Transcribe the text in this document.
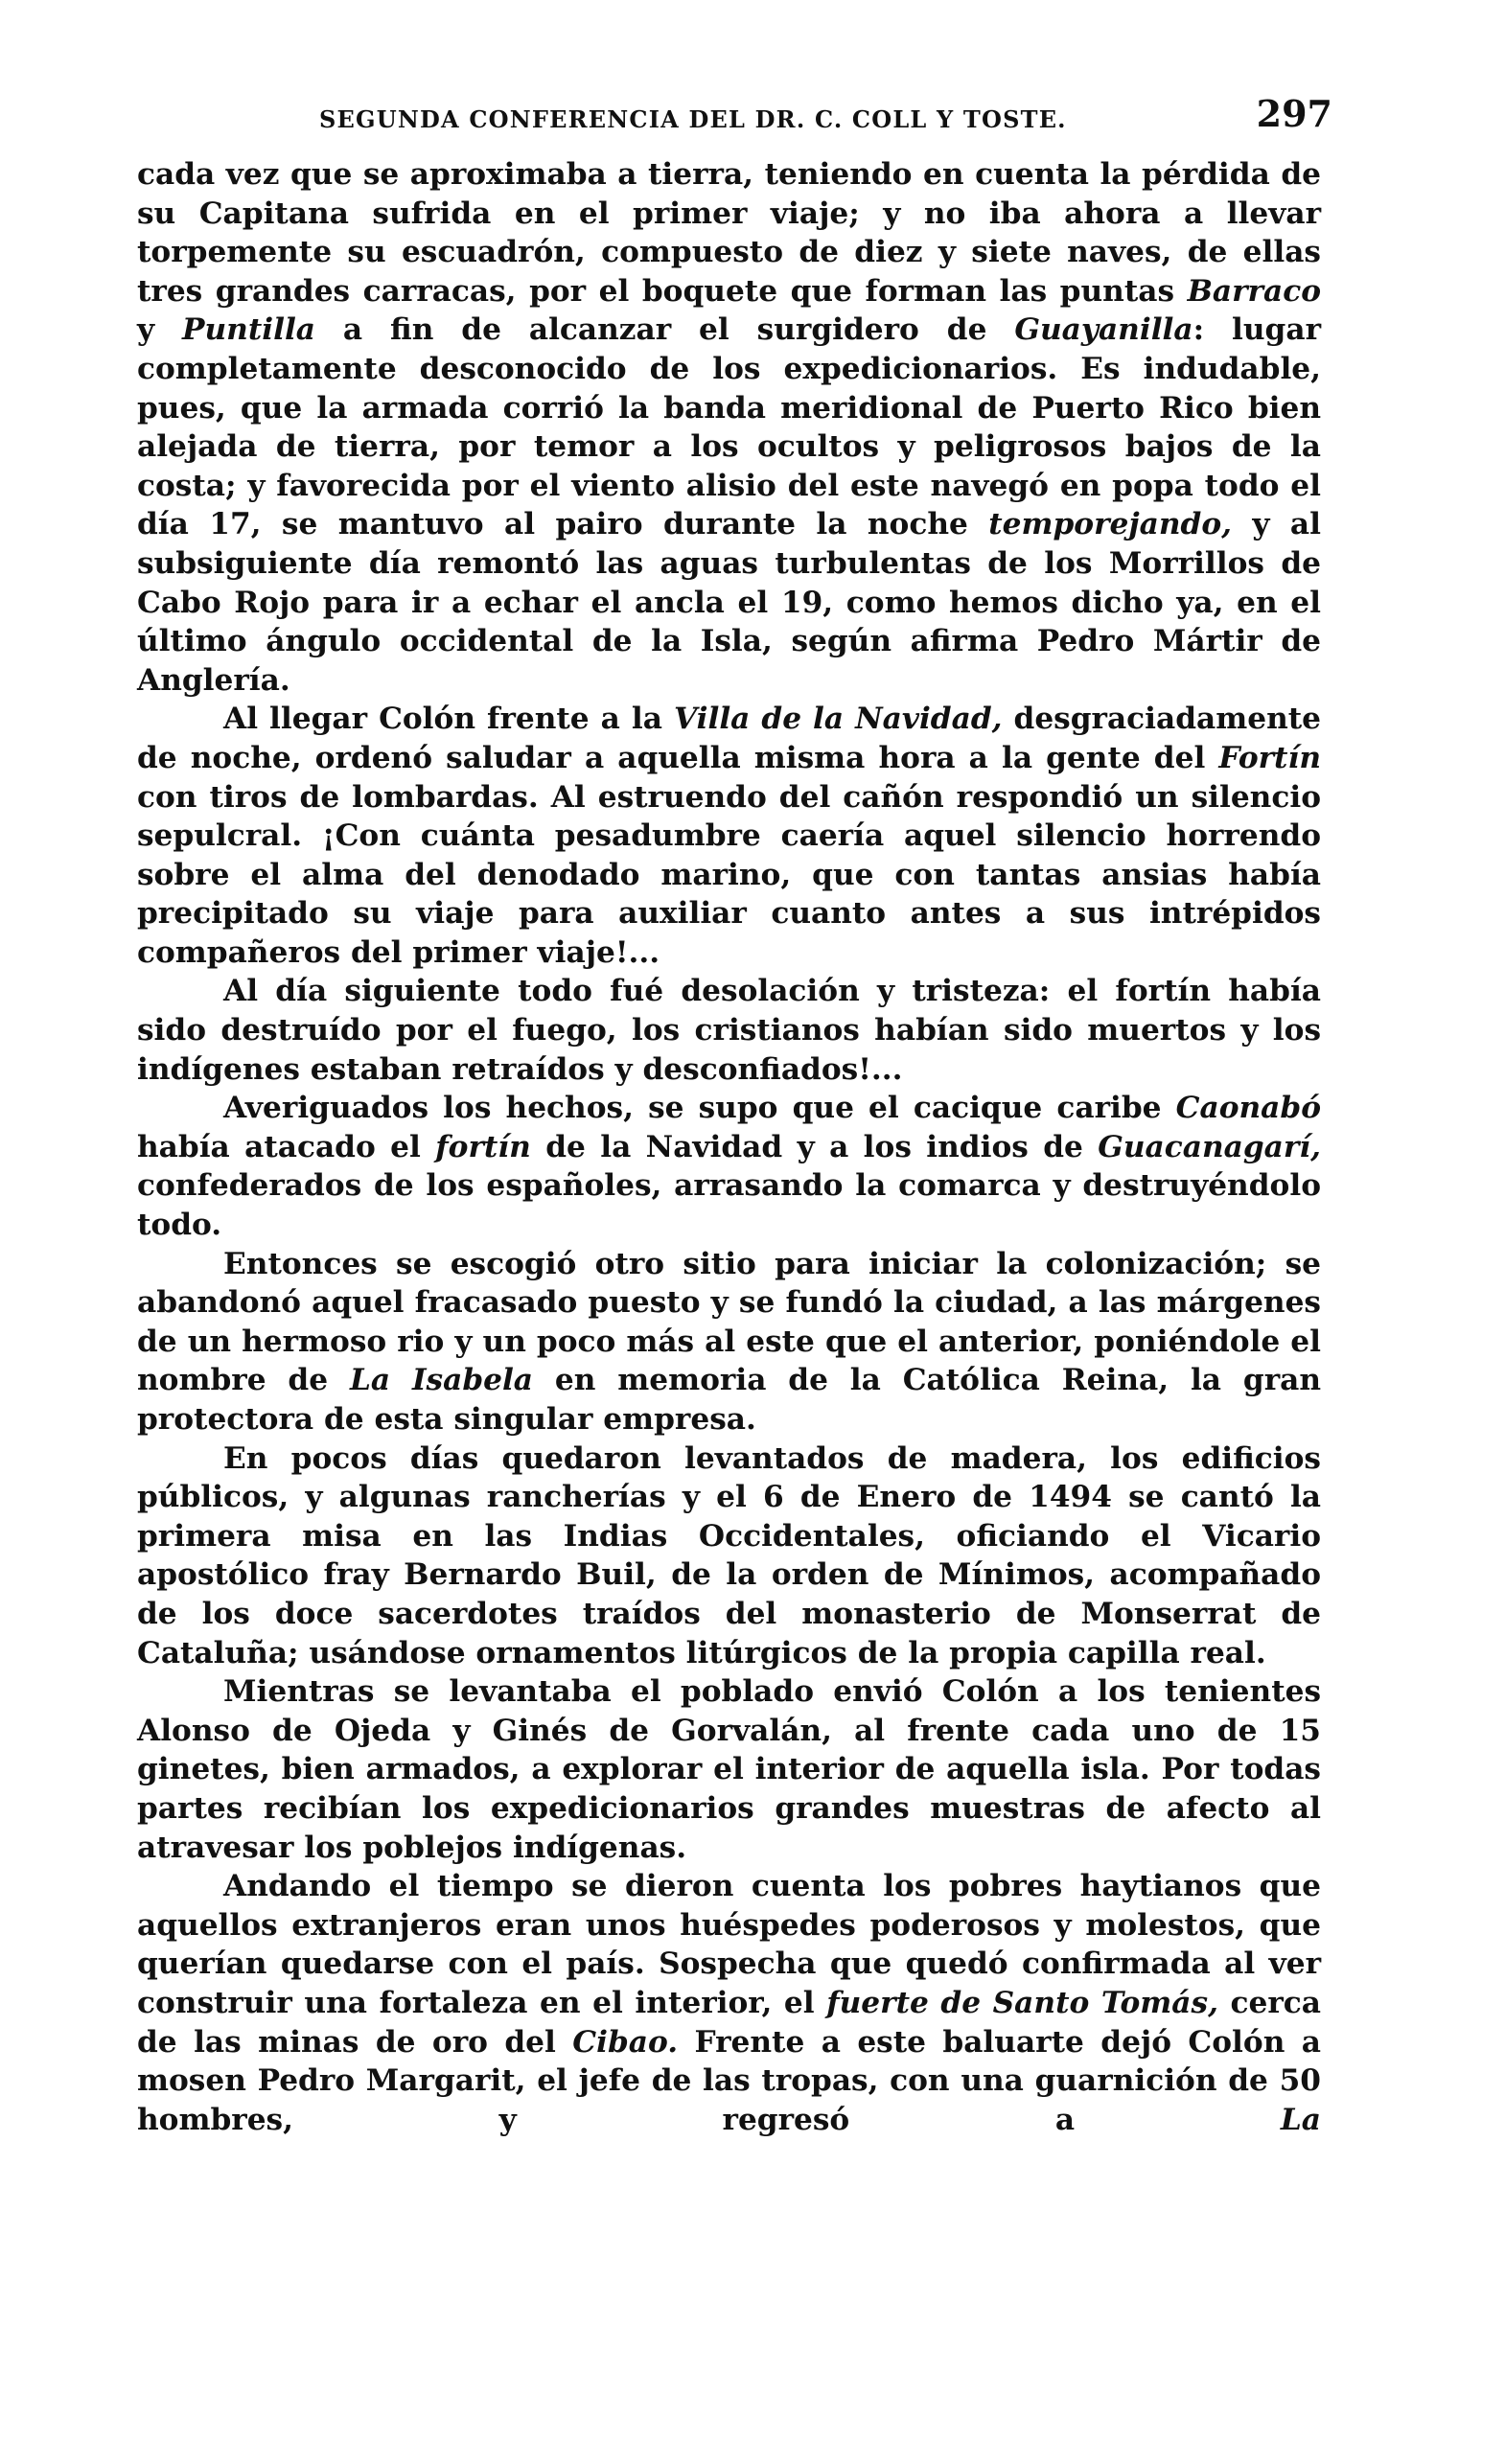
SEGUNDA CONFERENCIA DEL DR. C. COLL Y TOSTE.	297

cada vez que se aproximaba a tierra, teniendo en cuenta la pérdida de su Capitana sufrida en el primer viaje; y no iba ahora a llevar torpemente su escuadrón, compuesto de diez y siete naves, de ellas tres grandes carracas, por el boquete que forman las puntas Barraco y Puntilla a fin de alcanzar el surgidero de Guayanilla: lugar completamente desconocido de los expedicionarios. Es indudable, pues, que la armada corrió la banda meridional de Puerto Rico bien alejada de tierra, por temor a los ocultos y peligrosos bajos de la costa; y favorecida por el viento alisio del este navegó en popa todo el día 17, se mantuvo al pairo durante la noche temporejando, y al subsiguiente día remontó las aguas turbulentas de los Morrillos de Cabo Rojo para ir a echar el ancla el 19, como hemos dicho ya, en el último ángulo occidental de la Isla, según afirma Pedro Mártir de Anglería.

Al llegar Colón frente a la Villa de la Navidad, desgraciadamente de noche, ordenó saludar a aquella misma hora a la gente del Fortín con tiros de lombardas. Al estruendo del cañón respondió un silencio sepulcral. ¡Con cuánta pesadumbre caería aquel silencio horrendo sobre el alma del denodado marino, que con tantas ansias había precipitado su viaje para auxiliar cuanto antes a sus intrépidos compañeros del primer viaje!...

Al día siguiente todo fué desolación y tristeza: el fortín había sido destruído por el fuego, los cristianos habían sido muertos y los indígenes estaban retraídos y desconfiados!...

Averiguados los hechos, se supo que el cacique caribe Caonabó había atacado el fortín de la Navidad y a los indios de Guacanagarí, confederados de los españoles, arrasando la comarca y destruyéndolo todo.

Entonces se escogió otro sitio para iniciar la colonización; se abandonó aquel fracasado puesto y se fundó la ciudad, a las márgenes de un hermoso rio y un poco más al este que el anterior, poniéndole el nombre de La Isabela en memoria de la Católica Reina, la gran protectora de esta singular empresa.

En pocos días quedaron levantados de madera, los edificios públicos, y algunas rancherías y el 6 de Enero de 1494 se cantó la primera misa en las Indias Occidentales, oficiando el Vicario apostólico fray Bernardo Buil, de la orden de Mínimos, acompañado de los doce sacerdotes traídos del monasterio de Monserrat de Cataluña; usándose ornamentos litúrgicos de la propia capilla real.

Mientras se levantaba el poblado envió Colón a los tenientes Alonso de Ojeda y Ginés de Gorvalán, al frente cada uno de 15 ginetes, bien armados, a explorar el interior de aquella isla. Por todas partes recibían los expedicionarios grandes muestras de afecto al atravesar los poblejos indígenas.

Andando el tiempo se dieron cuenta los pobres haytianos que aquellos extranjeros eran unos huéspedes poderosos y molestos, que querían quedarse con el país. Sospecha que quedó confirmada al ver construir una fortaleza en el interior, el fuerte de Santo Tomás, cerca de las minas de oro del Cibao. Frente a este baluarte dejó Colón a mosen Pedro Margarit, el jefe de las tropas, con una guarnición de 50 hombres, y regresó a La
